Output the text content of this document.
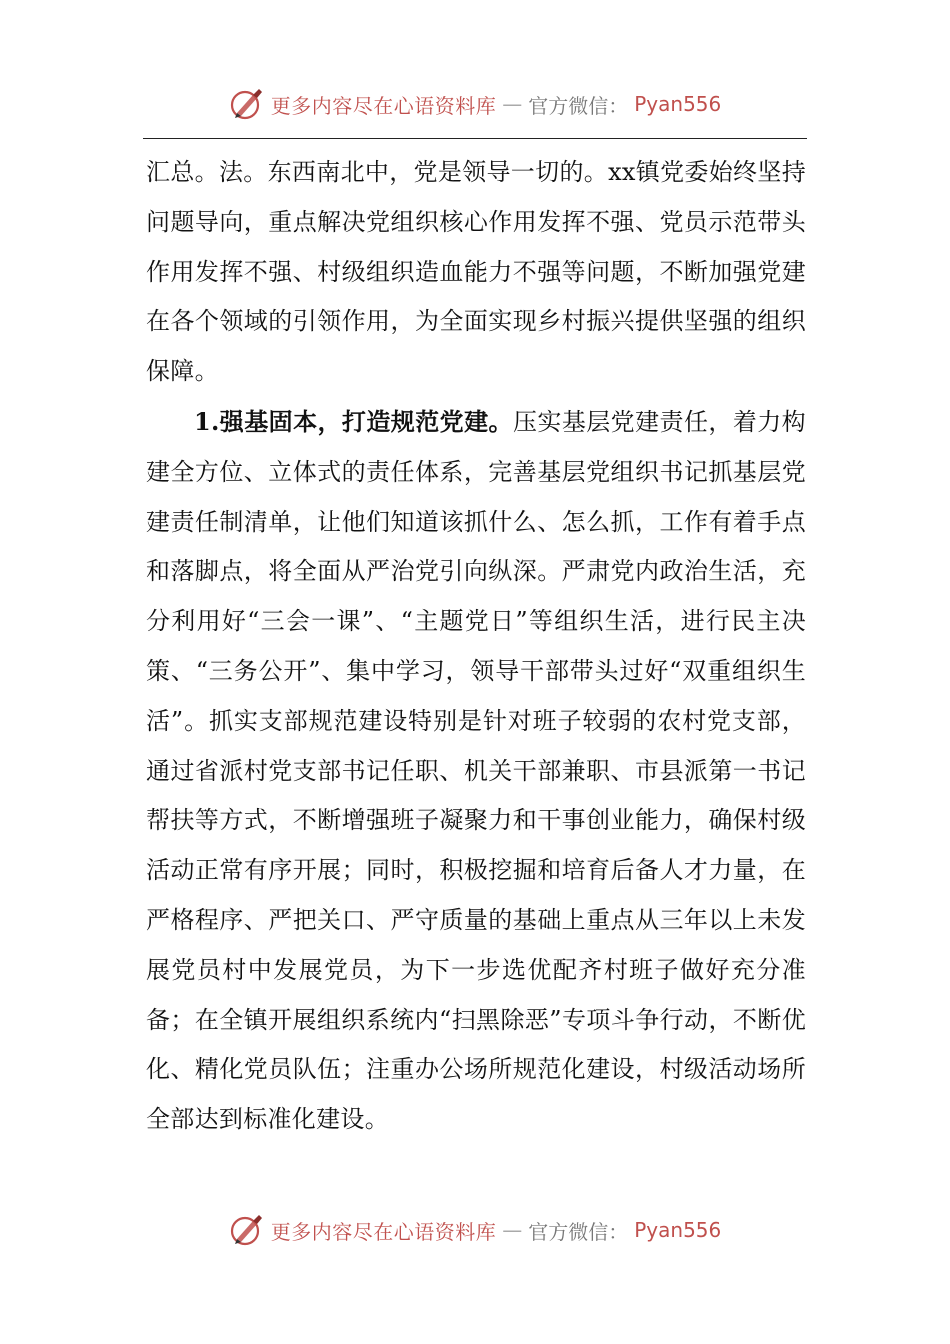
更多内容尽在心语资料库 — 官方微信： Pyan556

汇总。法。东西南北中，党是领导一切的。xx镇党委始终坚持问题导向，重点解决党组织核心作用发挥不强、党员示范带头作用发挥不强、村级组织造血能力不强等问题，不断加强党建在各个领域的引领作用，为全面实现乡村振兴提供坚强的组织保障。

1.强基固本，打造规范党建。压实基层党建责任，着力构建全方位、立体式的责任体系，完善基层党组织书记抓基层党建责任制清单，让他们知道该抓什么、怎么抓，工作有着手点和落脚点，将全面从严治党引向纵深。严肃党内政治生活，充分利用好“三会一课”、“主题党日”等组织生活，进行民主决策、“三务公开”、集中学习，领导干部带头过好“双重组织生活”。抓实支部规范建设特别是针对班子较弱的农村党支部，通过省派村党支部书记任职、机关干部兼职、市县派第一书记帮扶等方式，不断增强班子凝聚力和干事创业能力，确保村级活动正常有序开展；同时，积极挖掘和培育后备人才力量，在严格程序、严把关口、严守质量的基础上重点从三年以上未发展党员村中发展党员，为下一步选优配齐村班子做好充分准备；在全镇开展组织系统内“扫黑除恶”专项斗争行动，不断优化、精化党员队伍；注重办公场所规范化建设，村级活动场所全部达到标准化建设。

更多内容尽在心语资料库 — 官方微信： Pyan556
